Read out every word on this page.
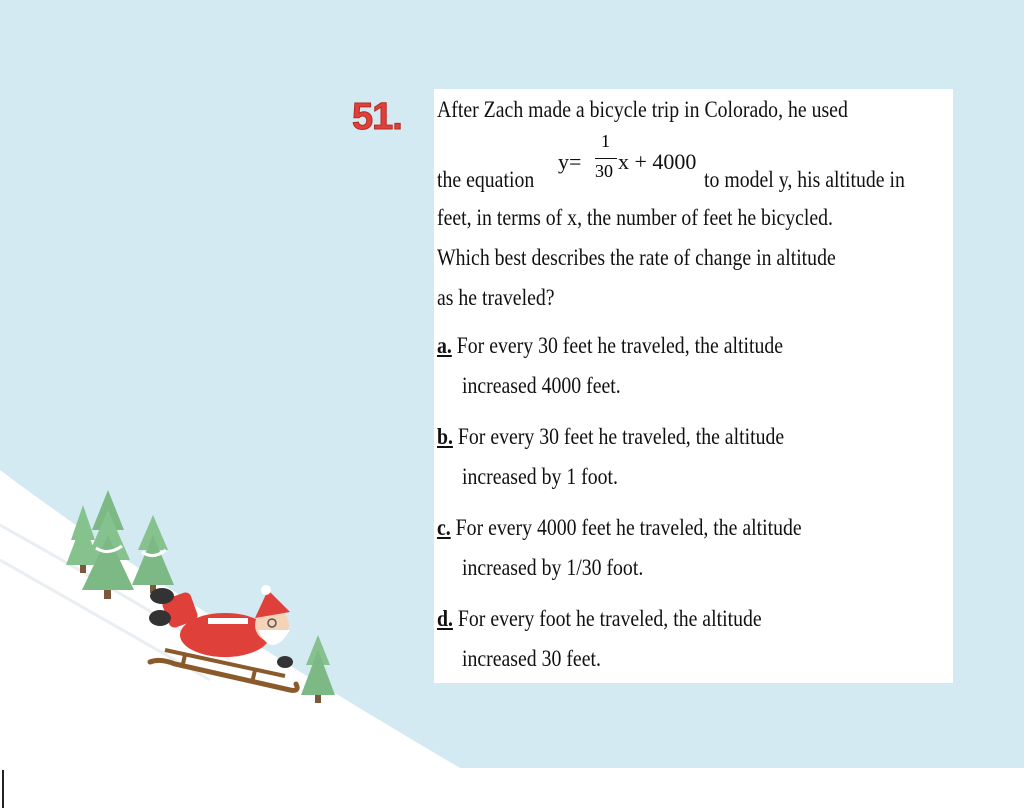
51. After Zach made a bicycle trip in Colorado, he used
the equation
y=
1
30 x + 4000
to model y, his altitude in
feet, in terms of x, the number of feet he bicycled.
Which best describes the rate of change in altitude
as he traveled?
a. For every 30 feet he traveled, the altitude
increased 4000 feet.
b. For every 30 feet he traveled, the altitude
increased by 1 foot.
c. For every 4000 feet he traveled, the altitude
increased by 1/30 foot.
d. For every foot he traveled, the altitude
increased 30 feet.
